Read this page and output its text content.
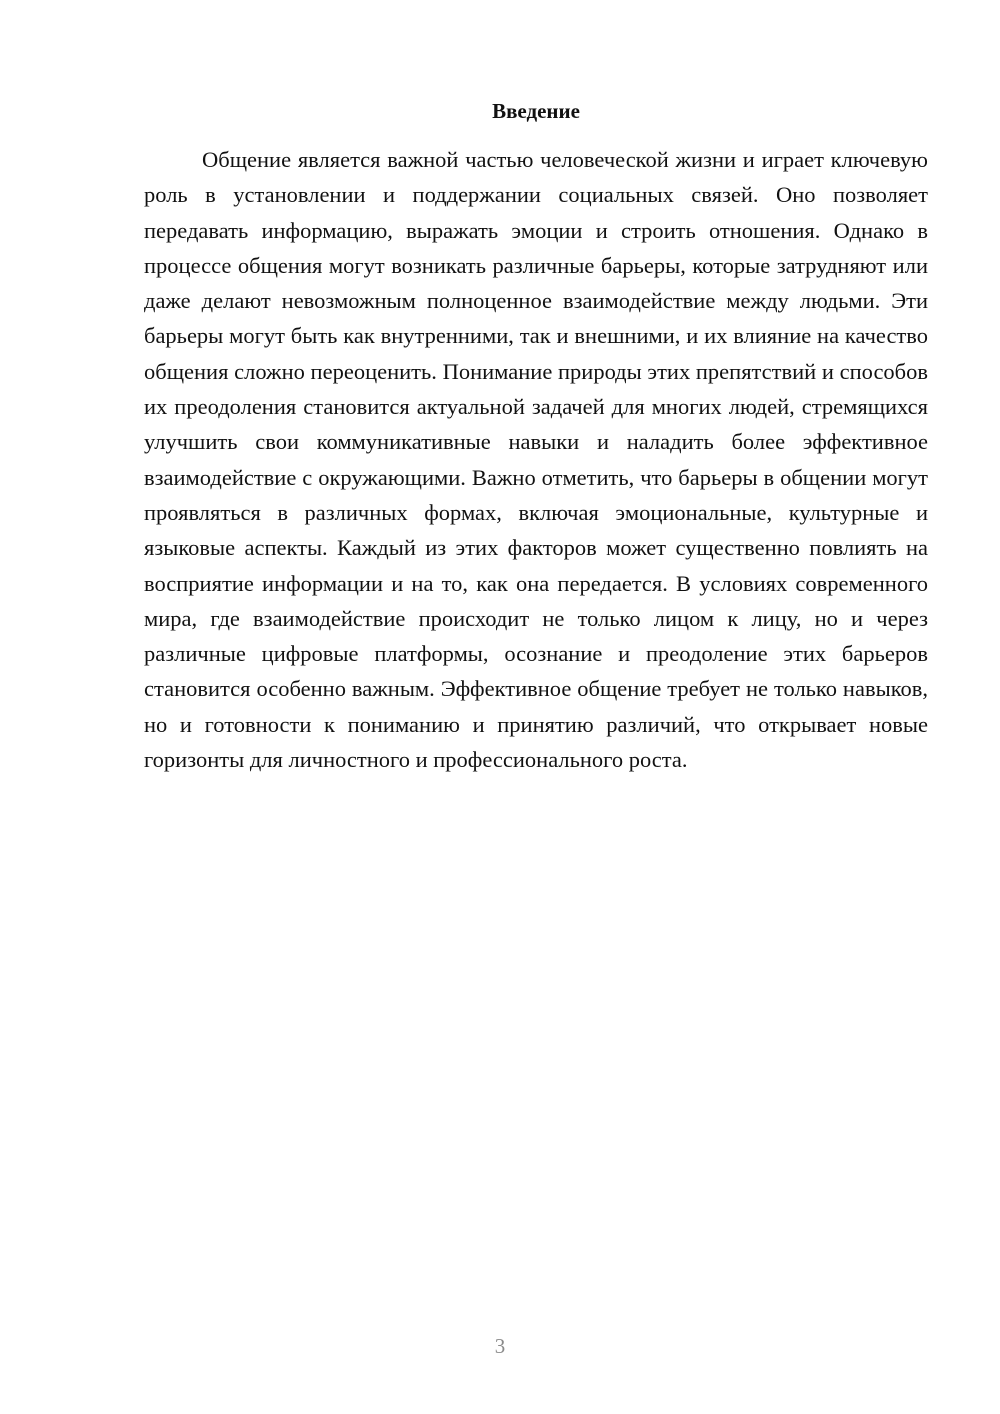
Введение

Общение является важной частью человеческой жизни и играет ключевую роль в установлении и поддержании социальных связей. Оно позволяет передавать информацию, выражать эмоции и строить отношения. Однако в процессе общения могут возникать различные барьеры, которые затрудняют или даже делают невозможным полноценное взаимодействие между людьми. Эти барьеры могут быть как внутренними, так и внешними, и их влияние на качество общения сложно переоценить. Понимание природы этих препятствий и способов их преодоления становится актуальной задачей для многих людей, стремящихся улучшить свои коммуникативные навыки и наладить более эффективное взаимодействие с окружающими. Важно отметить, что барьеры в общении могут проявляться в различных формах, включая эмоциональные, культурные и языковые аспекты. Каждый из этих факторов может существенно повлиять на восприятие информации и на то, как она передается. В условиях современного мира, где взаимодействие происходит не только лицом к лицу, но и через различные цифровые платформы, осознание и преодоление этих барьеров становится особенно важным. Эффективное общение требует не только навыков, но и готовности к пониманию и принятию различий, что открывает новые горизонты для личностного и профессионального роста.

3
